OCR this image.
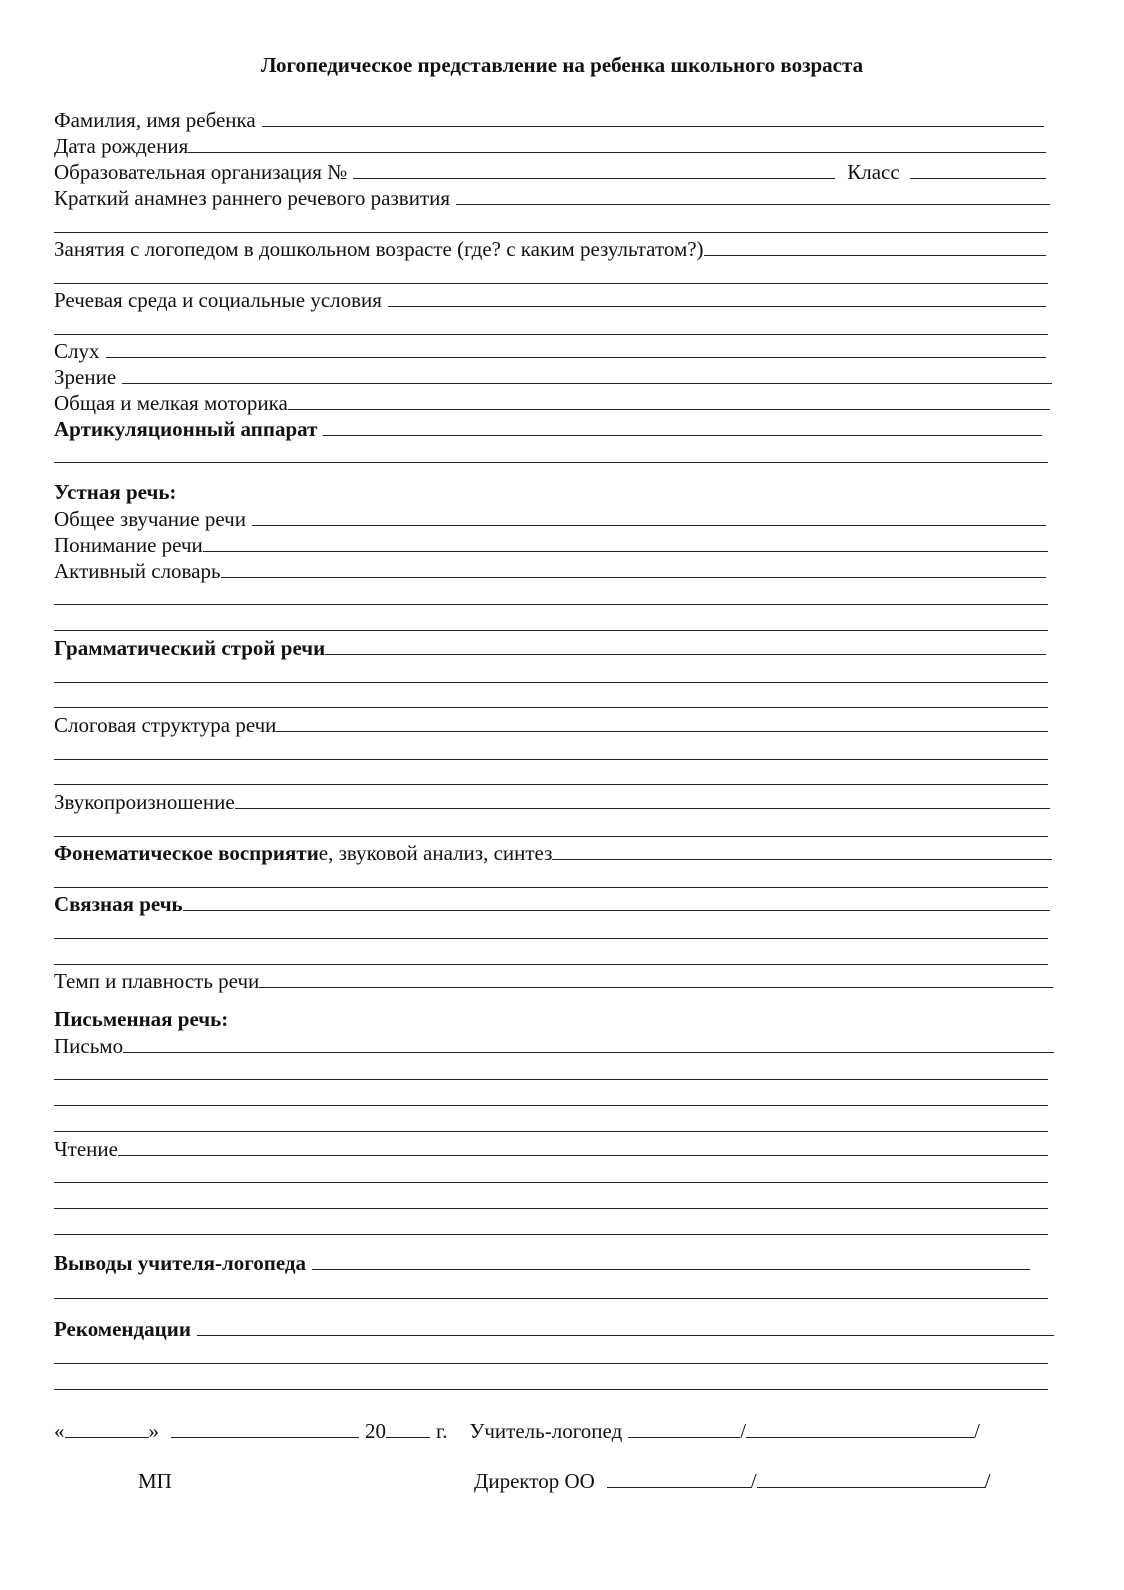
Логопедическое представление на ребенка школьного возраста
Фамилия, имя ребенка
Дата рождения
Образовательная организация №	Класс
Краткий анамнез раннего речевого развития
Занятия с логопедом в дошкольном возрасте (где? с каким результатом?)
Речевая среда и социальные условия
Слух
Зрение
Общая и мелкая моторика
Артикуляционный аппарат
Устная речь:
Общее звучание речи
Понимание речи
Активный словарь
Грамматический строй речи
Слоговая структура речи
Звукопроизношение
Фонематическое восприяти е, звуковой анализ, синтез
Связная речь
Темп и плавность речи
Письменная речь:
Письмо
Чтение
Выводы учителя-логопеда
Рекомендации
«	»	20 г. Учитель-логопед	/	/
МП	Директор ОО	/	/
